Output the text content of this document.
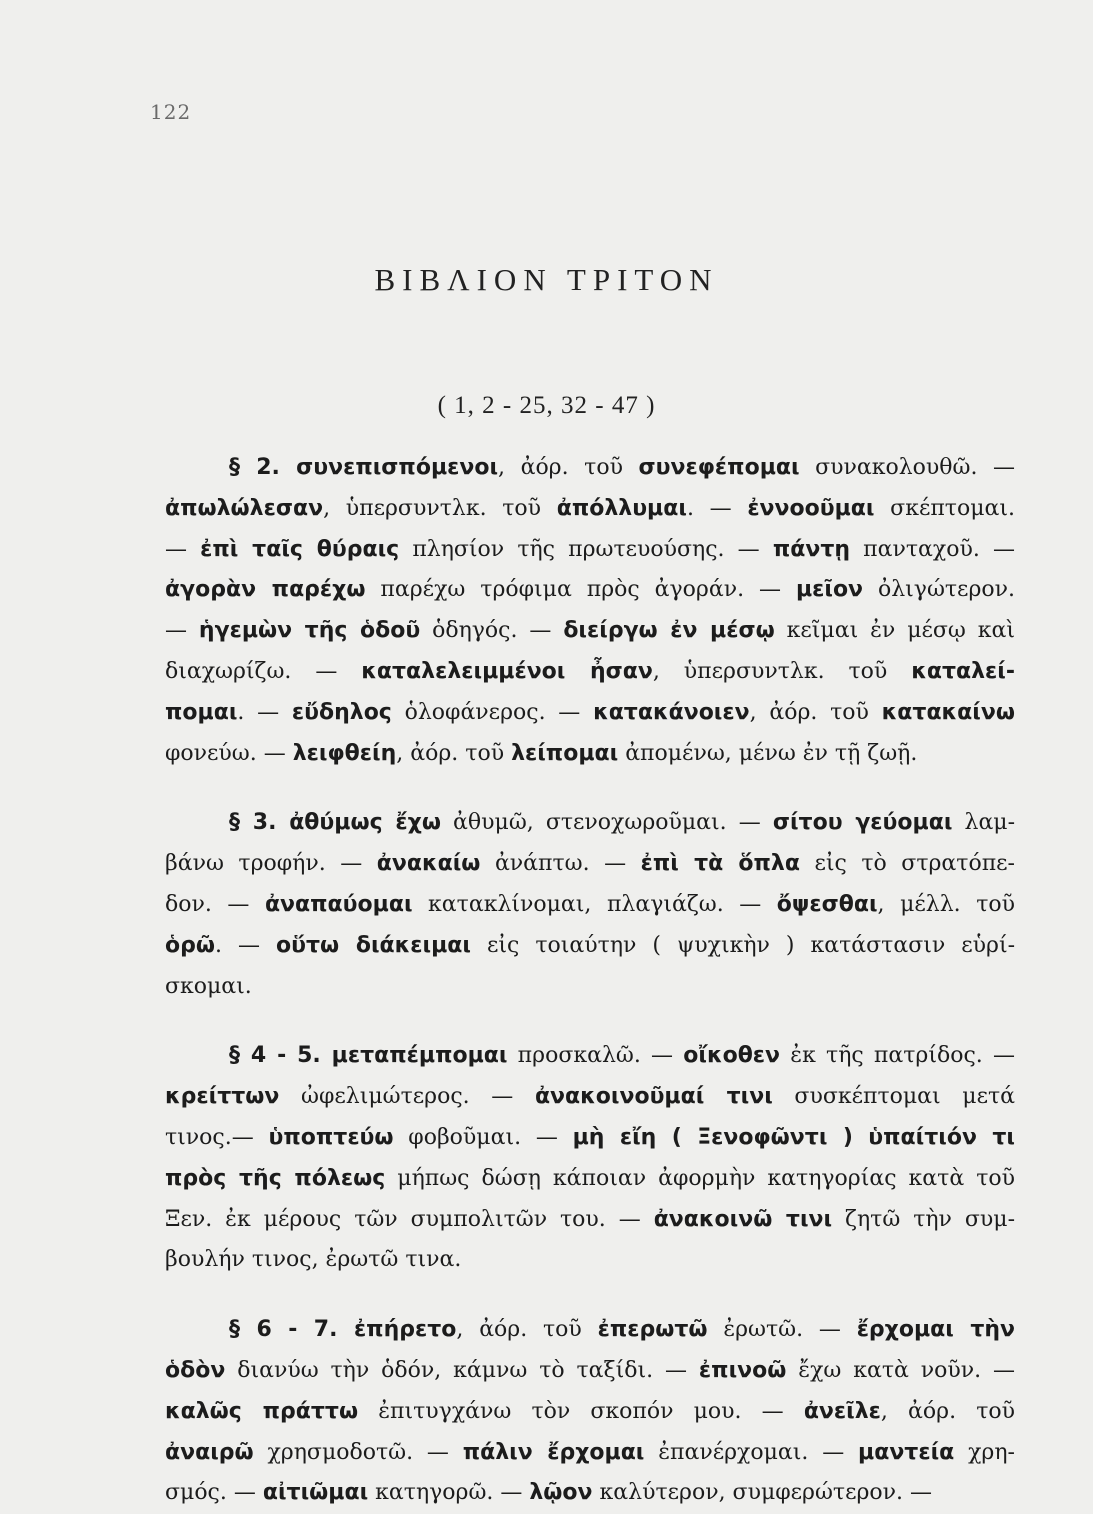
122
ΒΙΒΛΙΟΝ ΤΡΙΤΟΝ
( 1, 2 - 25, 32 - 47 )
§ 2. συνεπισπόμενοι, ἀόρ. τοῦ συνεφέπομαι συνακολουθῶ. —
ἀπωλώλεσαν, ὑπερσυντλκ. τοῦ ἀπόλλυμαι. — ἐννοοῦμαι σκέπτομαι.
— ἐπὶ ταῖς θύραις πλησίον τῆς πρωτευούσης. — πάντῃ πανταχοῦ. —
ἀγορὰν παρέχω παρέχω τρόφιμα πρὸς ἀγοράν. — μεῖον ὀλιγώτερον.
— ἡγεμὼν τῆς ὁδοῦ ὁδηγός. — διείργω ἐν μέσῳ κεῖμαι ἐν μέσῳ καὶ
διαχωρίζω. — καταλελειμμένοι ἦσαν, ὑπερσυντλκ. τοῦ καταλεί-
πομαι. — εὔδηλος ὁλοφάνερος. — κατακάνοιεν, ἀόρ. τοῦ κατακαίνω
φονεύω. — λειφθείη, ἀόρ. τοῦ λείπομαι ἀπομένω, μένω ἐν τῇ ζωῇ.
§ 3. ἀθύμως ἔχω ἀθυμῶ, στενοχωροῦμαι. — σίτου γεύομαι λαμ-
βάνω τροφήν. — ἀνακαίω ἀνάπτω. — ἐπὶ τὰ ὅπλα εἰς τὸ στρατόπε-
δον. — ἀναπαύομαι κατακλίνομαι, πλαγιάζω. — ὄψεσθαι, μέλλ. τοῦ
ὁρῶ. — οὕτω διάκειμαι εἰς τοιαύτην ( ψυχικὴν ) κατάστασιν εὑρί-
σκομαι.
§ 4 - 5. μεταπέμπομαι προσκαλῶ. — οἴκοθεν ἐκ τῆς πατρίδος. —
κρείττων ὠφελιμώτερος. — ἀνακοινοῦμαί τινι συσκέπτομαι μετά
τινος.— ὑποπτεύω φοβοῦμαι. — μὴ εἴη ( Ξενοφῶντι ) ὑπαίτιόν τι
πρὸς τῆς πόλεως μήπως δώσῃ κάποιαν ἀφορμὴν κατηγορίας κατὰ τοῦ
Ξεν. ἐκ μέρους τῶν συμπολιτῶν του. — ἀνακοινῶ τινι ζητῶ τὴν συμ-
βουλήν τινος, ἐρωτῶ τινα.
§ 6 - 7. ἐπήρετο, ἀόρ. τοῦ ἐπερωτῶ ἐρωτῶ. — ἔρχομαι τὴν
ὁδὸν διανύω τὴν ὁδόν, κάμνω τὸ ταξίδι. — ἐπινοῶ ἔχω κατὰ νοῦν. —
καλῶς πράττω ἐπιτυγχάνω τὸν σκοπόν μου. — ἀνεῖλε, ἀόρ. τοῦ
ἀναιρῶ χρησμοδοτῶ. — πάλιν ἔρχομαι ἐπανέρχομαι. — μαντεία χρη-
σμός. — αἰτιῶμαι κατηγορῶ. — λῷον καλύτερον, συμφερώτερον. —
